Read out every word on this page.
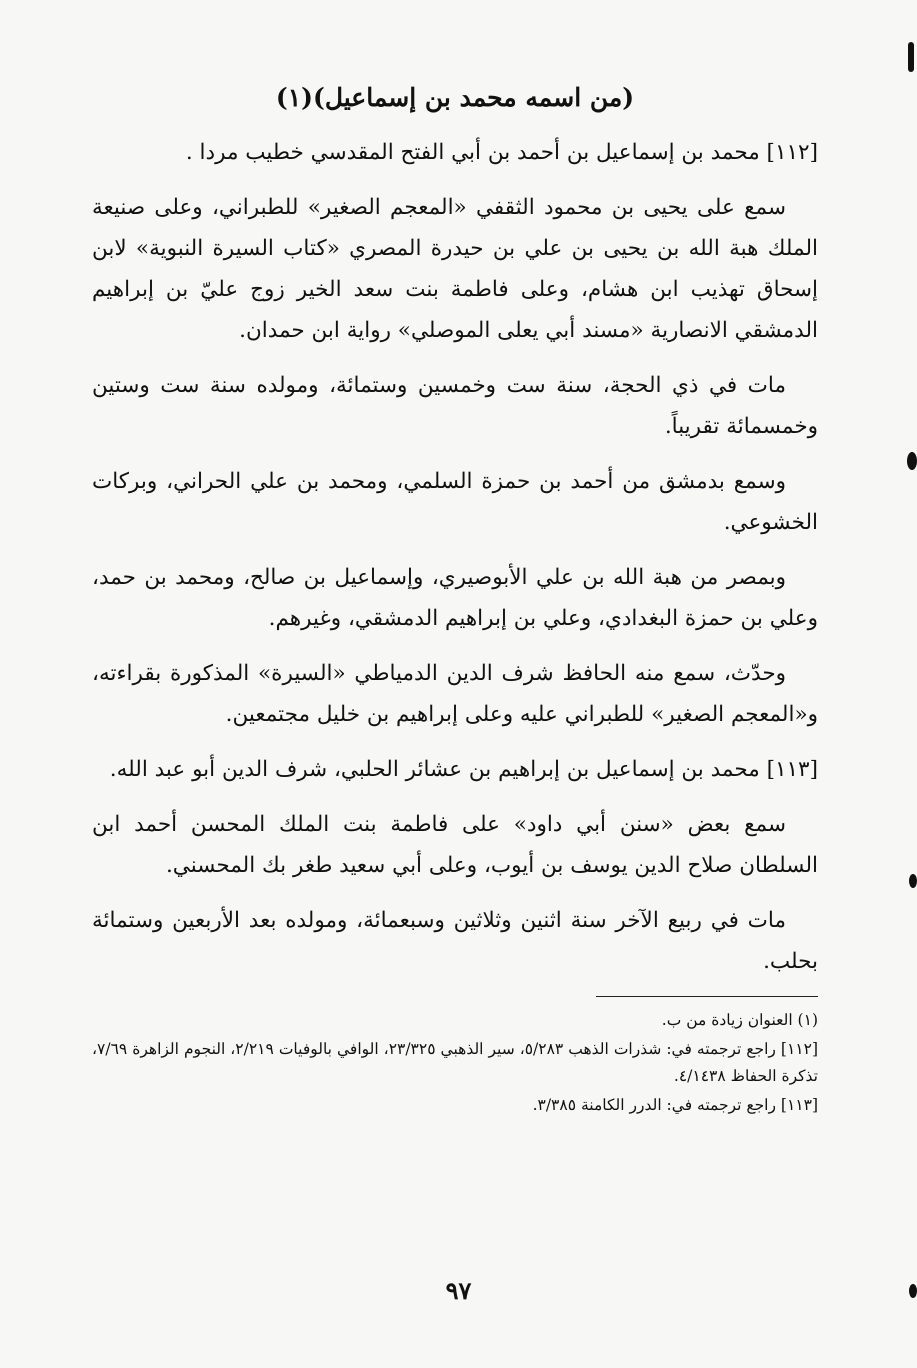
(من اسمه محمد بن إسماعيل)(١)

[١١٢] محمد بن إسماعيل بن أحمد بن أبي الفتح المقدسي خطيب مردا .

سمع على يحيى بن محمود الثقفي «المعجم الصغير» للطبراني، وعلى صنيعة الملك هبة الله بن يحيى بن علي بن حيدرة المصري «كتاب السيرة النبوية» لابن إسحاق تهذيب ابن هشام، وعلى فاطمة بنت سعد الخير زوج عليّ بن إبراهيم الدمشقي الانصارية «مسند أبي يعلى الموصلي» رواية ابن حمدان.

مات في ذي الحجة، سنة ست وخمسين وستمائة، ومولده سنة ست وستين وخمسمائة تقريباً.

وسمع بدمشق من أحمد بن حمزة السلمي، ومحمد بن علي الحراني، وبركات الخشوعي.

وبمصر من هبة الله بن علي الأبوصيري، وإسماعيل بن صالح، ومحمد بن حمد، وعلي بن حمزة البغدادي، وعلي بن إبراهيم الدمشقي، وغيرهم.

وحدّث، سمع منه الحافظ شرف الدين الدمياطي «السيرة» المذكورة بقراءته، و«المعجم الصغير» للطبراني عليه وعلى إبراهيم بن خليل مجتمعين.

[١١٣] محمد بن إسماعيل بن إبراهيم بن عشائر الحلبي، شرف الدين أبو عبد الله.

سمع بعض «سنن أبي داود» على فاطمة بنت الملك المحسن أحمد ابن السلطان صلاح الدين يوسف بن أيوب، وعلى أبي سعيد طغر بك المحسني.

مات في ربيع الآخر سنة اثنين وثلاثين وسبعمائة، ومولده بعد الأربعين وستمائة بحلب.

(١) العنوان زيادة من ب.

[١١٢] راجع ترجمته في: شذرات الذهب ٥/٢٨٣، سير الذهبي ٢٣/٣٢٥، الوافي بالوفيات ٢/٢١٩، النجوم الزاهرة ٧/٦٩، تذكرة الحفاظ ٤/١٤٣٨.

[١١٣] راجع ترجمته في: الدرر الكامنة ٣/٣٨٥.

٩٧
